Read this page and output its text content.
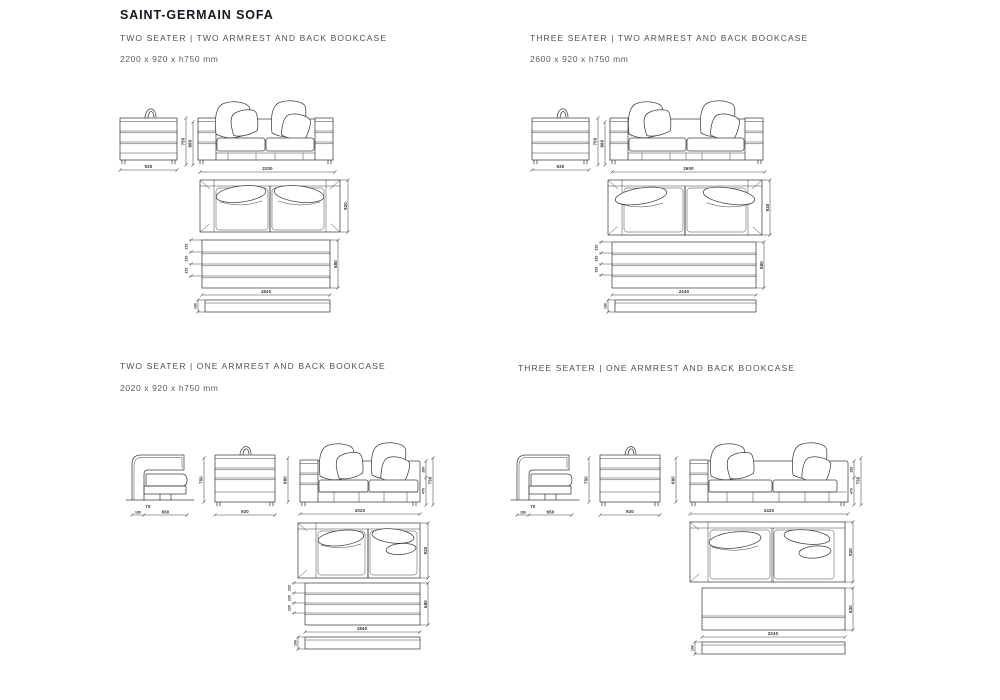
SAINT-GERMAIN SOFA
TWO SEATER | TWO ARMREST AND BACK BOOKCASE
2200 x 920 x h750 mm
THREE SEATER | TWO ARMREST AND BACK BOOKCASE
2600 x 920 x h750 mm
TWO SEATER | ONE ARMREST AND BACK BOOKCASE
2020 x 920 x h750 mm
THREE SEATER | ONE ARMREST AND BACK BOOKCASE
920
750 680
2200
920
220
220
220
680
1840
180
920
750 680
2600
920
220
220
220
680
2240
180
70
180	650
750
920
680
280
470
750
2020
920
220
220
220
680
1840
180
70
180	650
750
920
680
280
470
750
2420
920
630
2240
180
